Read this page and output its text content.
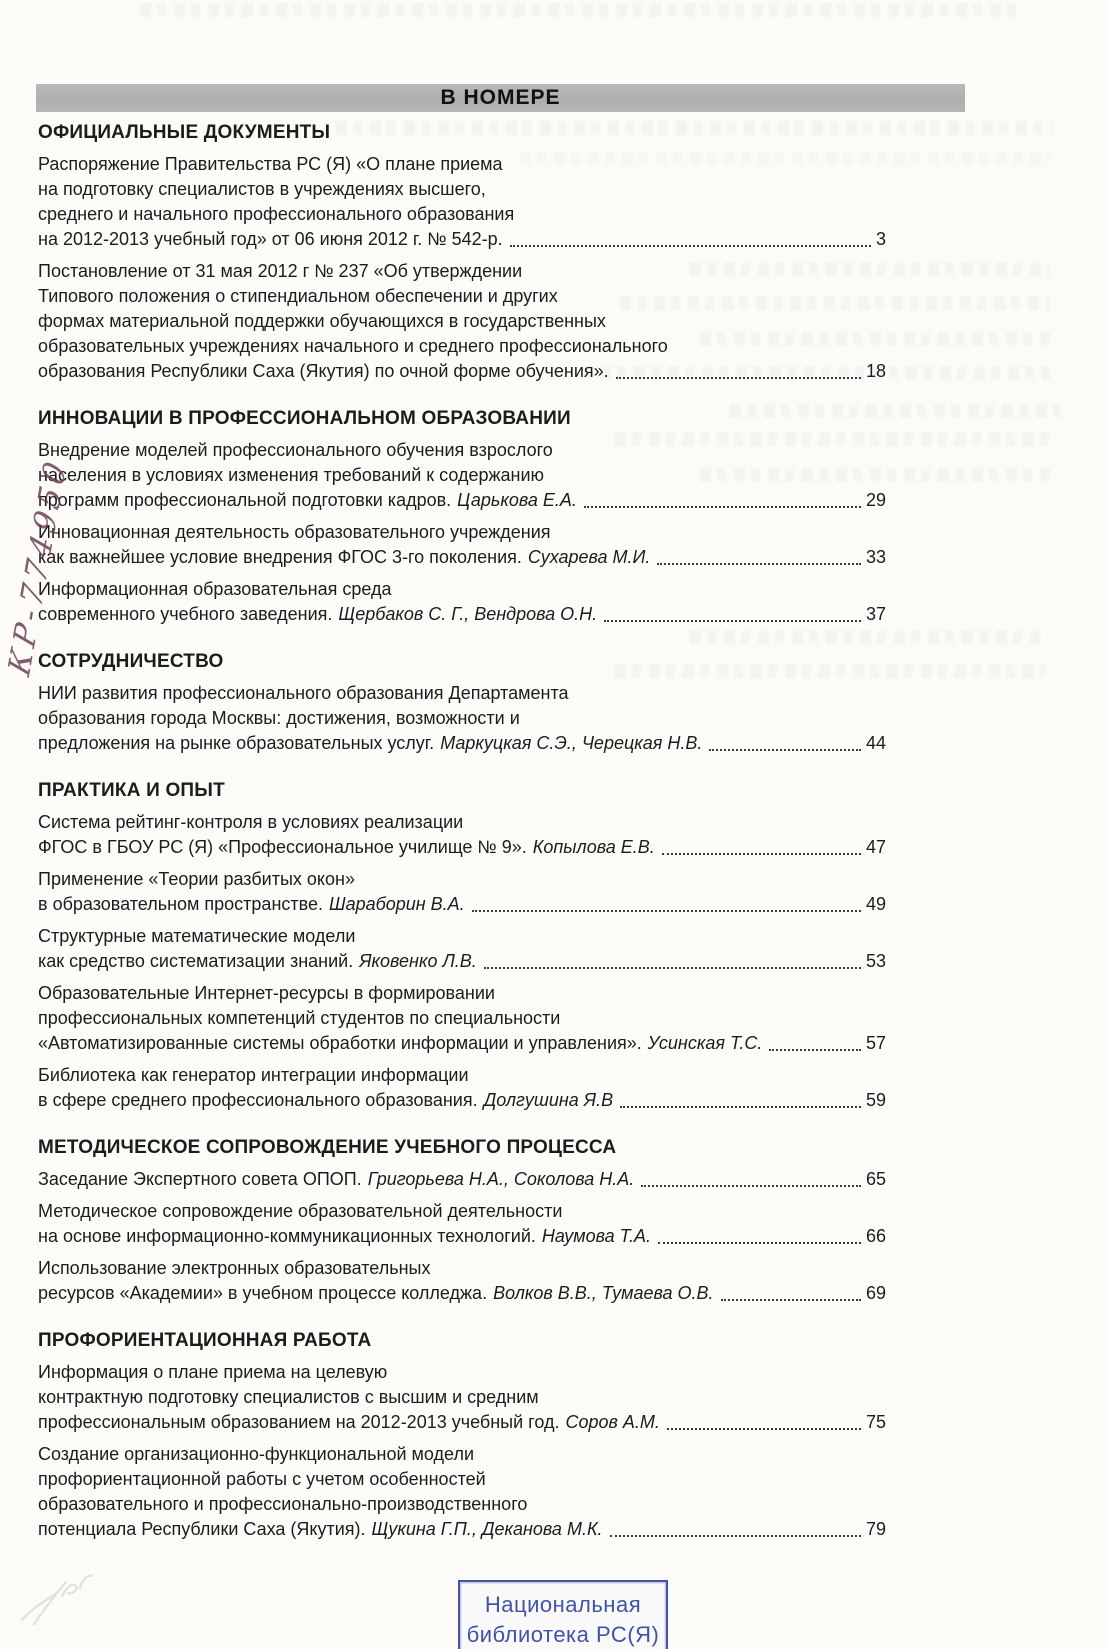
В НОМЕРЕ
ОФИЦИАЛЬНЫЕ ДОКУМЕНТЫ
Распоряжение Правительства РС (Я) «О плане приема
на подготовку специалистов в учреждениях высшего,
среднего и начального профессионального образования
на 2012-2013 учебный год» от 06 июня 2012 г. № 542-р.	3
Постановление от 31 мая 2012 г № 237 «Об утверждении
Типового положения о стипендиальном обеспечении и других
формах материальной поддержки обучающихся в государственных
образовательных учреждениях начального и среднего профессионального
образования Республики Саха (Якутия) по очной форме обучения».	18
ИННОВАЦИИ В ПРОФЕССИОНАЛЬНОМ ОБРАЗОВАНИИ
Внедрение моделей профессионального обучения взрослого
населения в условиях изменения требований к содержанию
программ профессиональной подготовки кадров. Царькова Е.А.	29
Инновационная деятельность образовательного учреждения
как важнейшее условие внедрения ФГОС 3-го поколения. Сухарева М.И.	33
Информационная образовательная среда
современного учебного заведения. Щербаков С. Г., Вендрова О.Н.	37
СОТРУДНИЧЕСТВО
НИИ развития профессионального образования Департамента
образования города Москвы: достижения, возможности и
предложения на рынке образовательных услуг. Маркуцкая С.Э., Черецкая Н.В.	44
ПРАКТИКА И ОПЫТ
Система рейтинг-контроля в условиях реализации
ФГОС в ГБОУ РС (Я) «Профессиональное училище № 9». Копылова Е.В.	47
Применение «Теории разбитых окон»
в образовательном пространстве. Шараборин В.А.	49
Структурные математические модели
как средство систематизации знаний. Яковенко Л.В.	53
Образовательные Интернет-ресурсы в формировании
профессиональных компетенций студентов по специальности
«Автоматизированные системы обработки информации и управления». Усинская Т.С.	57
Библиотека как генератор интеграции информации
в сфере среднего профессионального образования. Долгушина Я.В	59
МЕТОДИЧЕСКОЕ СОПРОВОЖДЕНИЕ УЧЕБНОГО ПРОЦЕССА
Заседание Экспертного совета ОПОП. Григорьева Н.А., Соколова Н.А.	65
Методическое сопровождение образовательной деятельности
на основе информационно-коммуникационных технологий. Наумова Т.А.	66
Использование электронных образовательных
ресурсов «Академии» в учебном процессе колледжа. Волков В.В., Тумаева О.В.	69
ПРОФОРИЕНТАЦИОННАЯ РАБОТА
Информация о плане приема на целевую
контрактную подготовку специалистов с высшим и средним
профессиональным образованием на 2012-2013 учебный год. Соров А.М.	75
Создание организационно-функциональной модели
профориентационной работы с учетом особенностей
образовательного и профессионально-производственного
потенциала Республики Саха (Якутия). Щукина Г.П., Деканова М.К.	79
КР-774950
Национальная
библиотека РС(Я)
